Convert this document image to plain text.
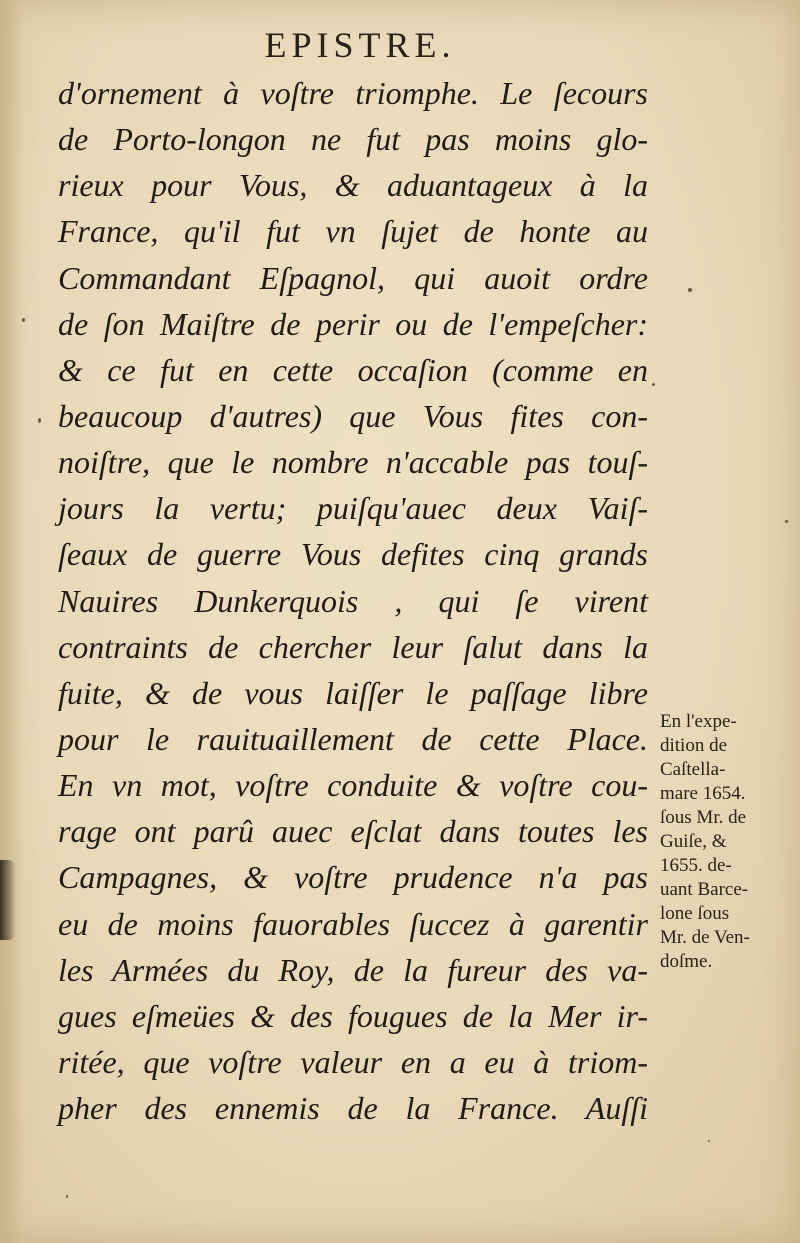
EPISTRE.
d'ornement à voſtre triomphe. Le ſecours
de Porto-longon ne fut pas moins glo-
rieux pour Vous, & aduantageux à la
France, qu'il fut vn ſujet de honte au
Commandant Eſpagnol, qui auoit ordre
de ſon Maiſtre de perir ou de l'empeſcher:
& ce fut en cette occaſion (comme en
beaucoup d'autres) que Vous fites con-
noiſtre, que le nombre n'accable pas touſ-
jours la vertu; puiſqu'auec deux Vaiſ-
ſeaux de guerre Vous defites cinq grands
Nauires Dunkerquois , qui ſe virent
contraints de chercher leur ſalut dans la
fuite, & de vous laiſſer le paſſage libre
pour le rauituaillement de cette Place.
En vn mot, voſtre conduite & voſtre cou-
rage ont parû auec eſclat dans toutes les
Campagnes, & voſtre prudence n'a pas
eu de moins fauorables ſuccez à garentir
les Armées du Roy, de la fureur des va-
gues eſmeües & des fougues de la Mer ir-
ritée, que voſtre valeur en a eu à triom-
pher des ennemis de la France. Auſſi
En l'expe-
dition de
Caſtella-
mare 1654.
ſous Mr. de
Guiſe, &
1655. de-
uant Barce-
lone ſous
Mr. de Ven-
doſme.
